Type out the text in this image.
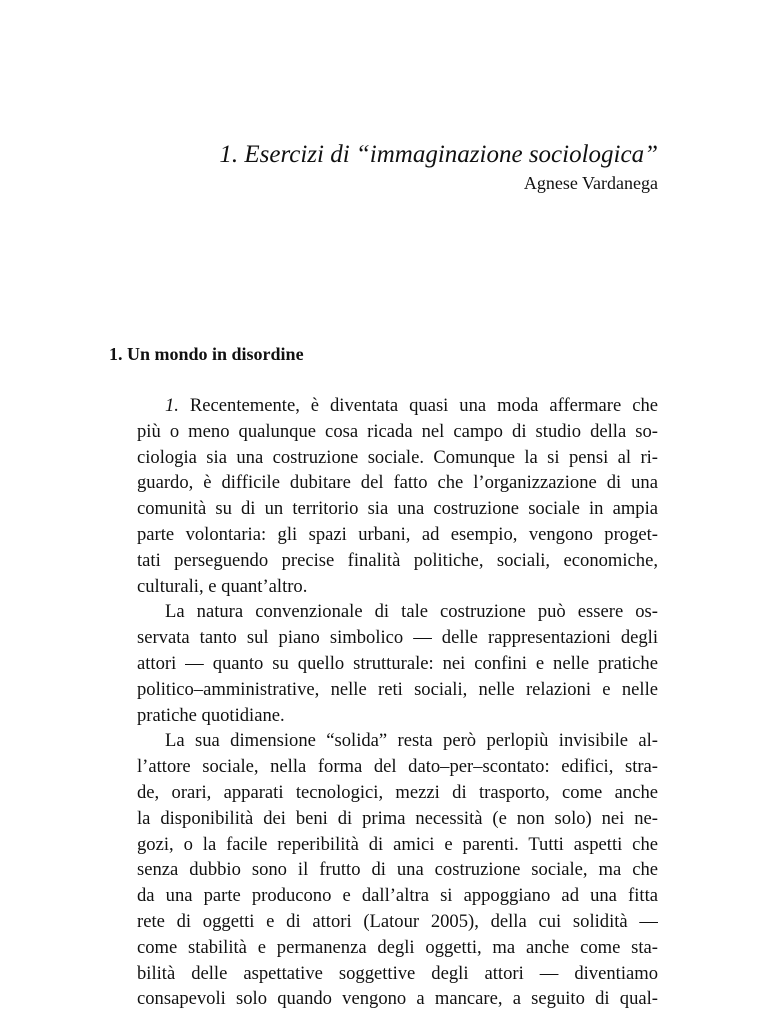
1. Esercizi di “immaginazione sociologica”
Agnese Vardanega
1. Un mondo in disordine
1. Recentemente, è diventata quasi una moda affermare che
più o meno qualunque cosa ricada nel campo di studio della so-
ciologia sia una costruzione sociale. Comunque la si pensi al ri-
guardo, è difficile dubitare del fatto che l’organizzazione di una
comunità su di un territorio sia una costruzione sociale in ampia
parte volontaria: gli spazi urbani, ad esempio, vengono proget-
tati perseguendo precise finalità politiche, sociali, economiche,
culturali, e quant’altro.
La natura convenzionale di tale costruzione può essere os-
servata tanto sul piano simbolico — delle rappresentazioni degli
attori — quanto su quello strutturale: nei confini e nelle pratiche
politico–amministrative, nelle reti sociali, nelle relazioni e nelle
pratiche quotidiane.
La sua dimensione “solida” resta però perlopiù invisibile al-
l’attore sociale, nella forma del dato–per–scontato: edifici, stra-
de, orari, apparati tecnologici, mezzi di trasporto, come anche
la disponibilità dei beni di prima necessità (e non solo) nei ne-
gozi, o la facile reperibilità di amici e parenti. Tutti aspetti che
senza dubbio sono il frutto di una costruzione sociale, ma che
da una parte producono e dall’altra si appoggiano ad una fitta
rete di oggetti e di attori (Latour 2005), della cui solidità —
come stabilità e permanenza degli oggetti, ma anche come sta-
bilità delle aspettative soggettive degli attori — diventiamo
consapevoli solo quando vengono a mancare, a seguito di qual-
